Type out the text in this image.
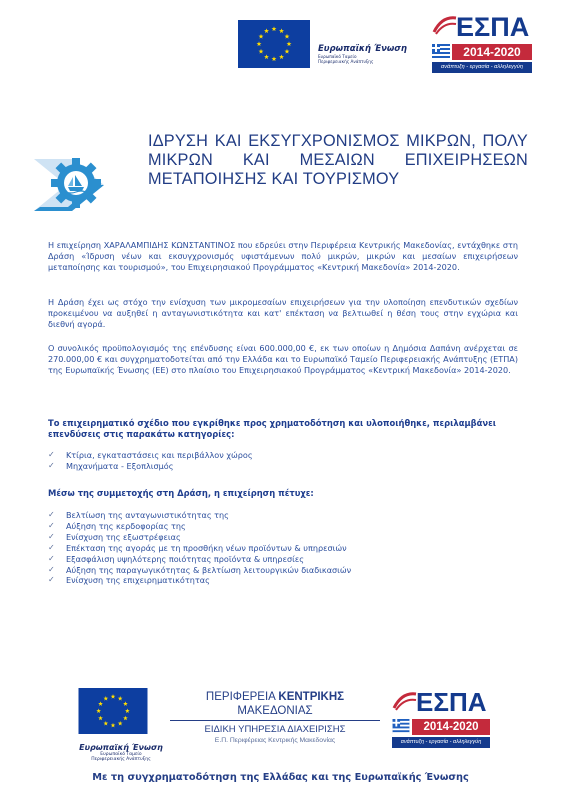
Ευρωπαϊκή Ένωση
Ευρωπαϊκό Ταμείο
Περιφερειακής Ανάπτυξης
ΕΣΠΑ
2014-2020
ανάπτυξη - εργασία - αλληλεγγύη
ΙΔΡΥΣΗ ΚΑΙ ΕΚΣΥΓΧΡΟΝΙΣΜΟΣ ΜΙΚΡΩΝ, ΠΟΛΥ ΜΙΚΡΩΝ ΚΑΙ ΜΕΣΑΙΩΝ ΕΠΙΧΕΙΡΗΣΕΩΝ ΜΕΤΑΠΟΙΗΣΗΣ ΚΑΙ ΤΟΥΡΙΣΜΟΥ

Η επιχείρηση ΧΑΡΑΛΑΜΠΙΔΗΣ ΚΩΝΣΤΑΝΤΙΝΟΣ που εδρεύει στην Περιφέρεια Κεντρικής Μακεδονίας, εντάχθηκε στη Δράση «Ίδρυση νέων και εκσυγχρονισμός υφιστάμενων πολύ μικρών, μικρών και μεσαίων επιχειρήσεων μεταποίησης και τουρισμού», του Επιχειρησιακού Προγράμματος «Κεντρική Μακεδονία» 2014-2020.

Η Δράση έχει ως στόχο την ενίσχυση των μικρομεσαίων επιχειρήσεων για την υλοποίηση επενδυτικών σχεδίων προκειμένου να αυξηθεί η ανταγωνιστικότητα και κατ' επέκταση να βελτιωθεί η θέση τους στην εγχώρια και διεθνή αγορά.

Ο συνολικός προϋπολογισμός της επένδυσης είναι 600.000,00 €, εκ των οποίων η Δημόσια Δαπάνη ανέρχεται σε 270.000,00 € και συγχρηματοδοτείται από την Ελλάδα και το Ευρωπαϊκό Ταμείο Περιφερειακής Ανάπτυξης (ΕΤΠΑ) της Ευρωπαϊκής Ένωσης (ΕΕ) στο πλαίσιο του Επιχειρησιακού Προγράμματος «Κεντρική Μακεδονία» 2014-2020.

Το επιχειρηματικό σχέδιο που εγκρίθηκε προς χρηματοδότηση και υλοποιήθηκε, περιλαμβάνει επενδύσεις στις παρακάτω κατηγορίες:
✓ Κτίρια, εγκαταστάσεις και περιβάλλον χώρος
✓ Μηχανήματα - Εξοπλισμός
Μέσω της συμμετοχής στη Δράση, η επιχείρηση πέτυχε:
✓ Βελτίωση της ανταγωνιστικότητας της
✓ Αύξηση της κερδοφορίας της
✓ Ενίσχυση της εξωστρέφειας
✓ Επέκταση της αγοράς με τη προσθήκη νέων προϊόντων & υπηρεσιών
✓ Εξασφάλιση υψηλότερης ποιότητας προϊόντα & υπηρεσίες
✓ Αύξηση της παραγωγικότητας & βελτίωση λειτουργικών διαδικασιών
✓ Ενίσχυση της επιχειρηματικότητας
Ευρωπαϊκή Ένωση
Ευρωπαϊκό Ταμείο
Περιφερειακής Ανάπτυξης
ΠΕΡΙΦΕΡΕΙΑ ΚΕΝΤΡΙΚΗΣ ΜΑΚΕΔΟΝΙΑΣ
ΕΙΔΙΚΗ ΥΠΗΡΕΣΙΑ ΔΙΑΧΕΙΡΙΣΗΣ
Ε.Π. Περιφέρειας Κεντρικής Μακεδονίας
ΕΣΠΑ
2014-2020
ανάπτυξη - εργασία - αλληλεγγύη
Με τη συγχρηματοδότηση της Ελλάδας και της Ευρωπαϊκής Ένωσης
